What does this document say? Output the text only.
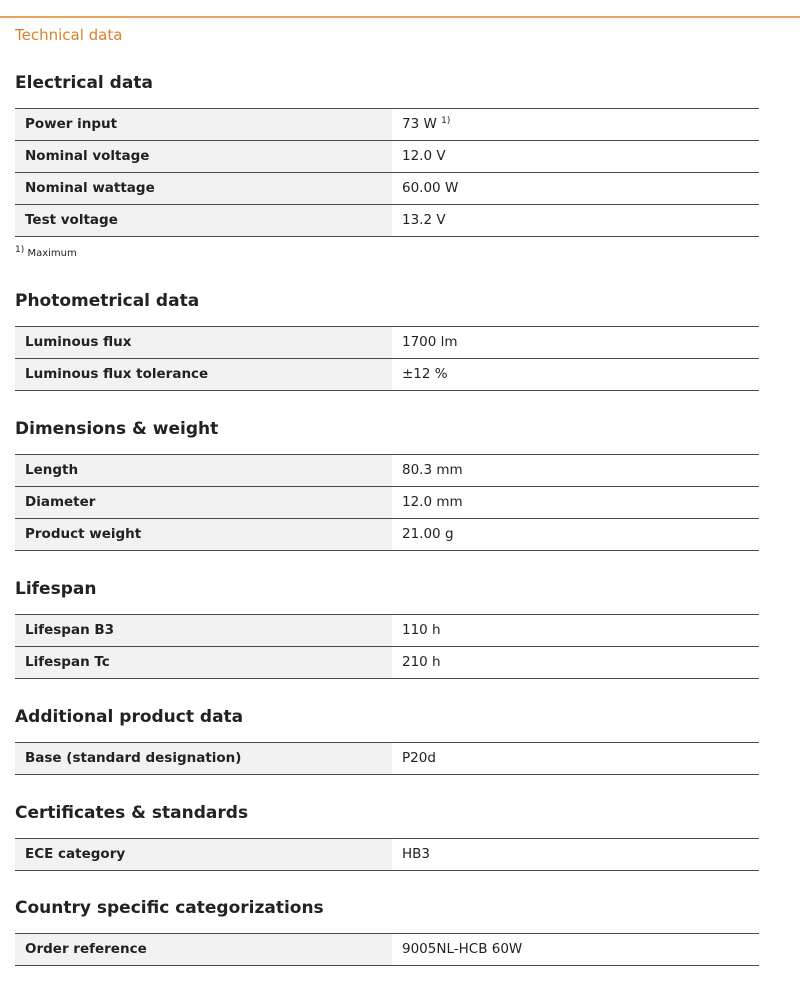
Technical data
Electrical data
Power input	73 W $^{1)}$
Nominal voltage	12.0 V
Nominal wattage	60.00 W
Test voltage	13.2 V
$^{1)}$ Maximum
Photometrical data
Luminous flux	1700 lm
Luminous flux tolerance	±12 %
Dimensions & weight
Length	80.3 mm
Diameter	12.0 mm
Product weight	21.00 g
Lifespan
Lifespan B3	110 h
Lifespan Tc	210 h
Additional product data
Base (standard designation)	P20d
Certificates & standards
ECE category	HB3
Country specific categorizations
Order reference	9005NL-HCB 60W
